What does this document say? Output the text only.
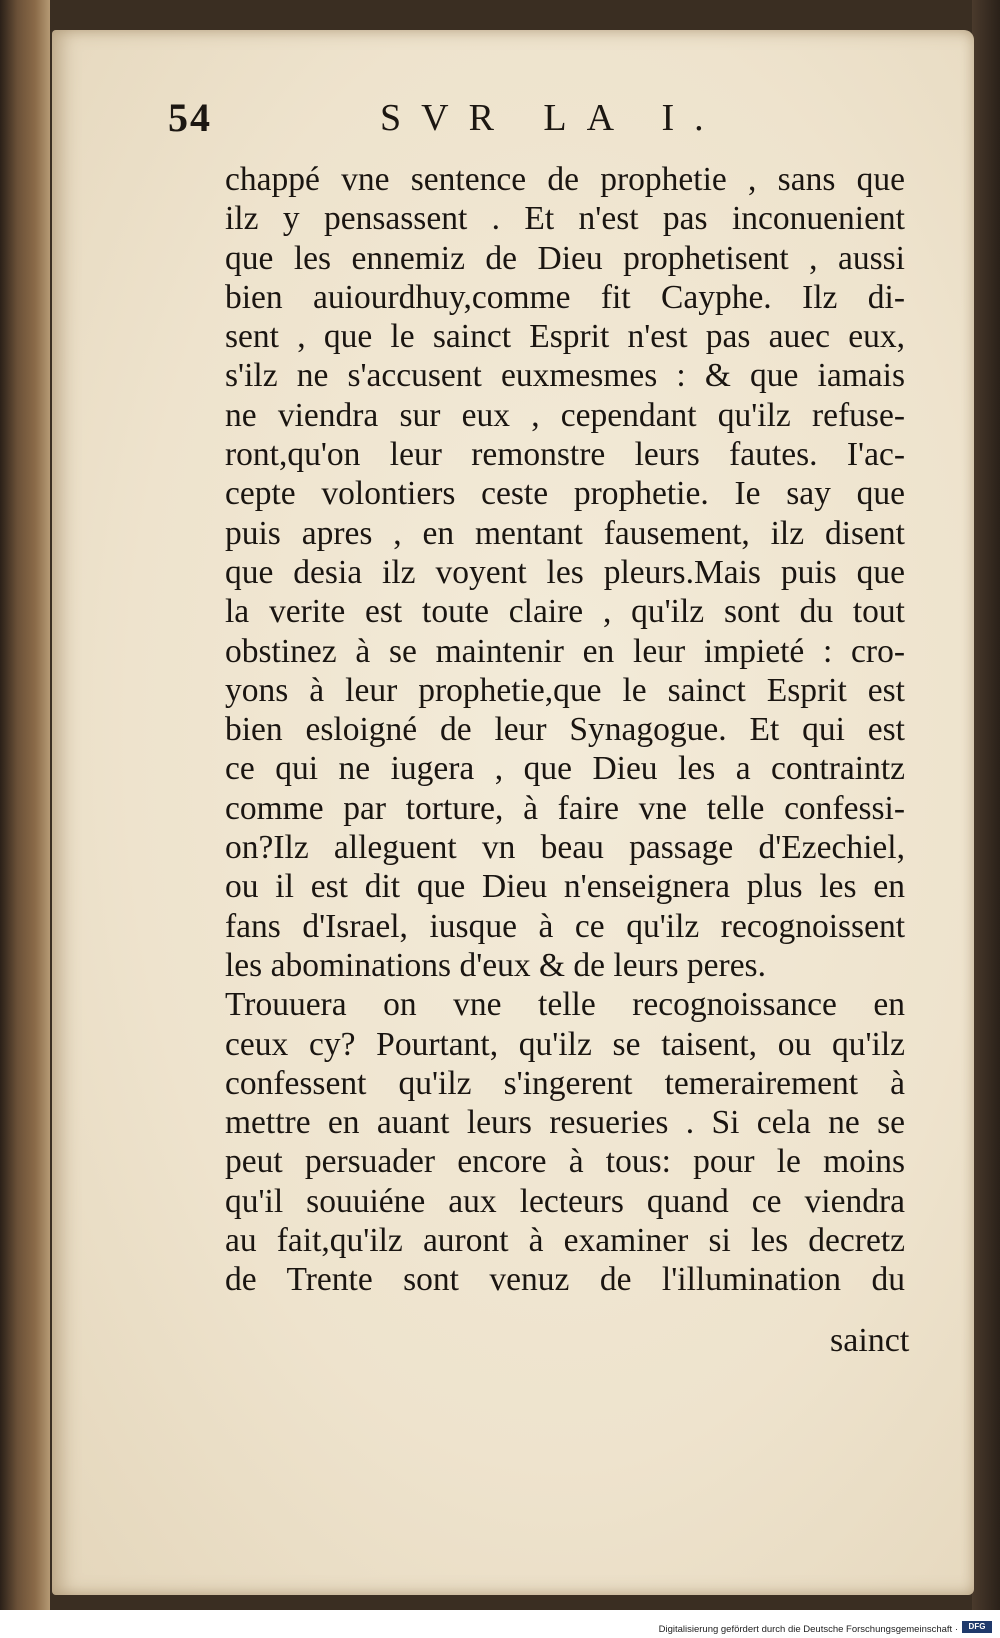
54	SVR LA I.
chappé vne sentence de prophetie , sans que
ilz y pensassent . Et n'est pas inconuenient
que les ennemiz de Dieu prophetisent , aussi
bien auiourdhuy,comme fit Cayphe. Ilz di-
sent , que le sainct Esprit n'est pas auec eux,
s'ilz ne s'accusent euxmesmes : & que iamais
ne viendra sur eux , cependant qu'ilz refuse-
ront,qu'on leur remonstre leurs fautes. I'ac-
cepte volontiers ceste prophetie. Ie say que
puis apres , en mentant fausement, ilz disent
que desia ilz voyent les pleurs.Mais puis que
la verite est toute claire , qu'ilz sont du tout
obstinez à se maintenir en leur impieté : cro-
yons à leur prophetie,que le sainct Esprit est
bien esloigné de leur Synagogue. Et qui est
ce qui ne iugera , que Dieu les a contraintz
comme par torture, à faire vne telle confessi-
on?Ilz alleguent vn beau passage d'Ezechiel,
ou il est dit que Dieu n'enseignera plus les en
fans d'Israel, iusque à ce qu'ilz recognoissent
les abominations d'eux & de leurs peres.
Trouuera on vne telle recognoissance en
ceux cy? Pourtant, qu'ilz se taisent, ou qu'ilz
confessent qu'ilz s'ingerent temerairement à
mettre en auant leurs resueries . Si cela ne se
peut persuader encore à tous: pour le moins
qu'il souuiéne aux lecteurs quand ce viendra
au fait,qu'ilz auront à examiner si les decretz
de Trente sont venuz de l'illumination du
sainct
Digitalisierung gefördert durch die Deutsche Forschungsgemeinschaft ·	DFG
